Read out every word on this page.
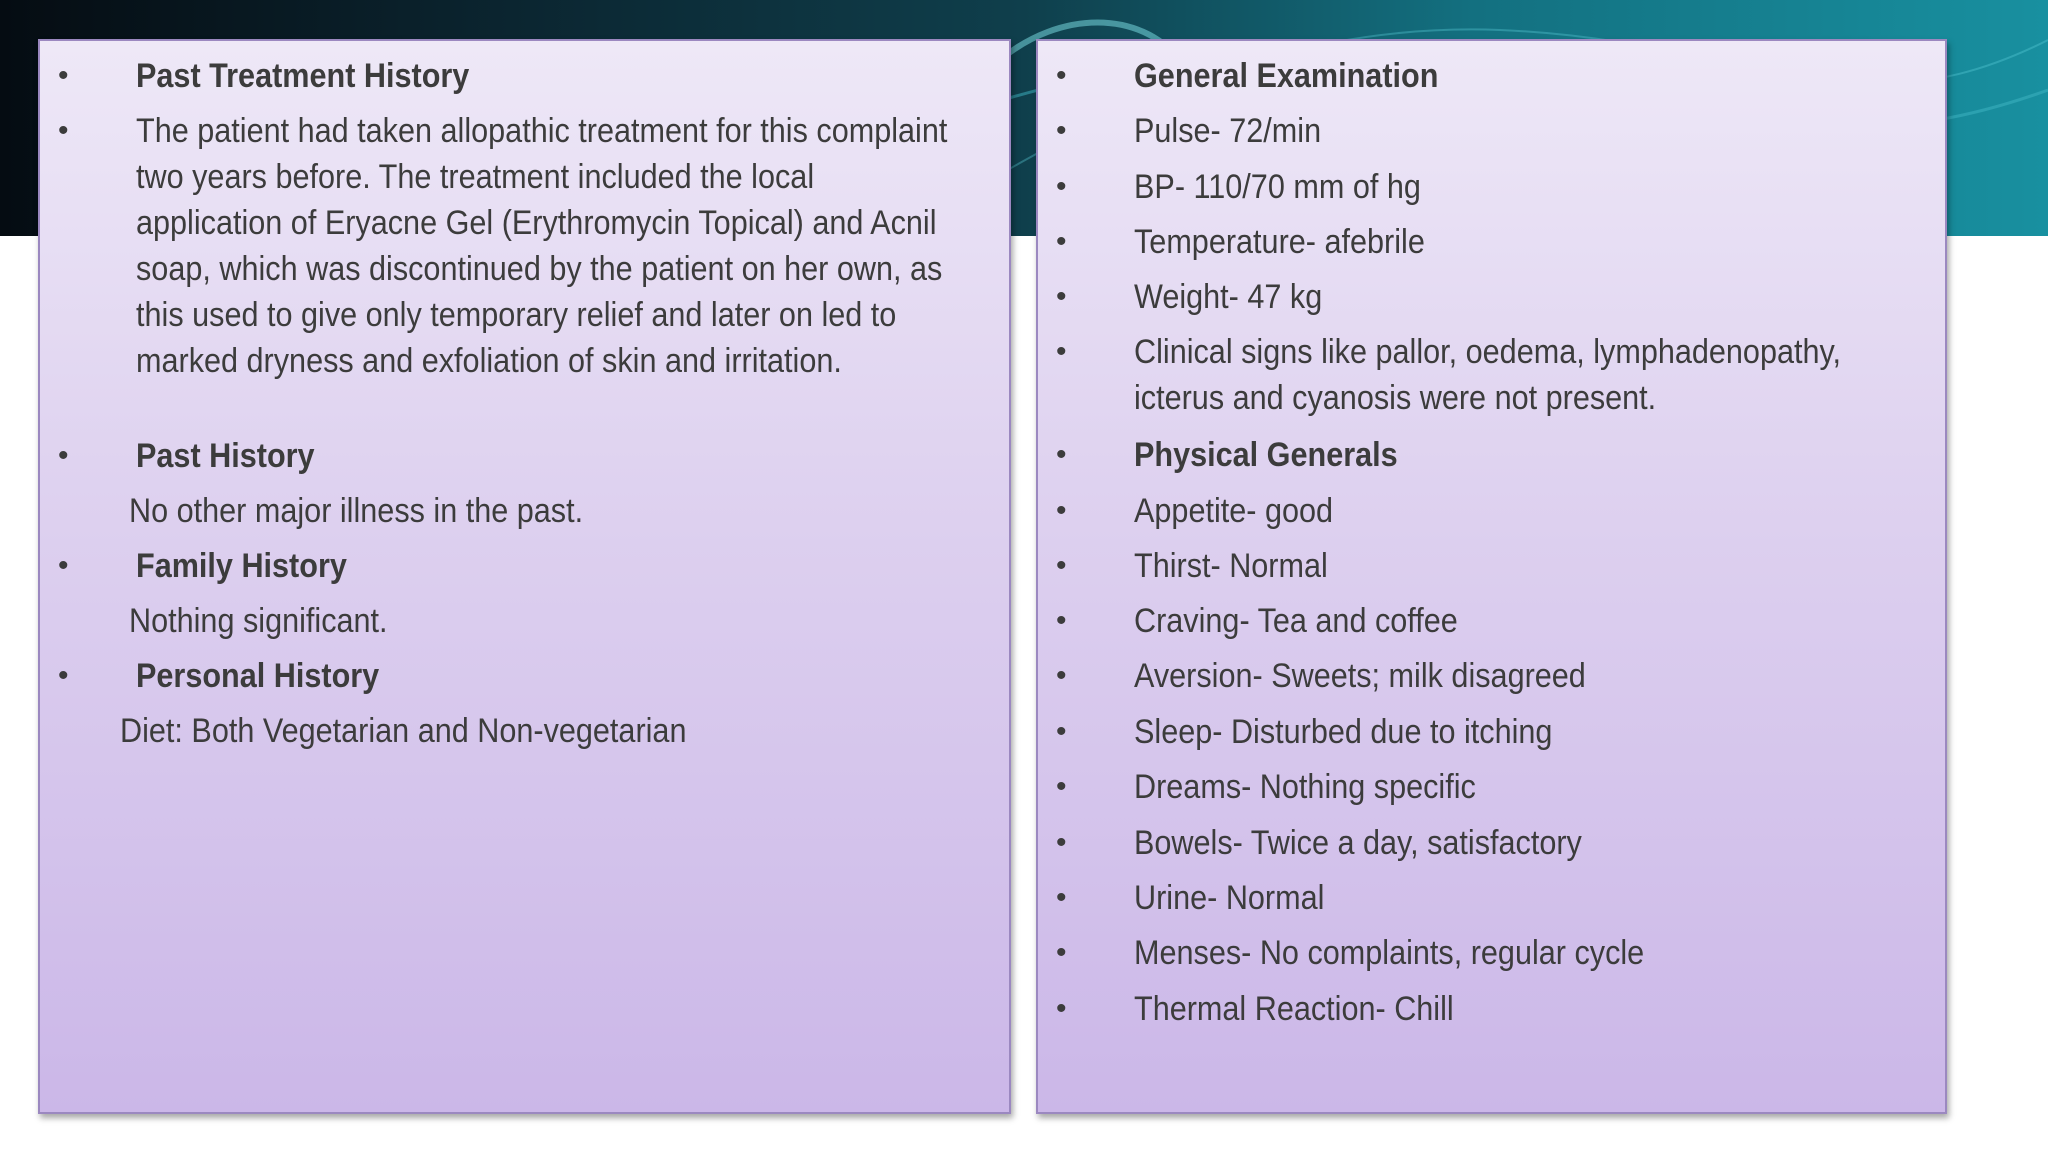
• Past Treatment History
• The patient had taken allopathic treatment for this complaint
two years before. The treatment included the local
application of Eryacne Gel (Erythromycin Topical) and Acnil
soap, which was discontinued by the patient on her own, as
this used to give only temporary relief and later on led to
marked dryness and exfoliation of skin and irritation.
• Past History
No other major illness in the past.
• Family History
Nothing significant.
• Personal History
Diet: Both Vegetarian and Non-vegetarian
• General Examination
• Pulse- 72/min
• BP- 110/70 mm of hg
• Temperature- afebrile
• Weight- 47 kg
• Clinical signs like pallor, oedema, lymphadenopathy,
icterus and cyanosis were not present.
• Physical Generals
• Appetite- good
• Thirst- Normal
• Craving- Tea and coffee
• Aversion- Sweets; milk disagreed
• Sleep- Disturbed due to itching
• Dreams- Nothing specific
• Bowels- Twice a day, satisfactory
• Urine- Normal
• Menses- No complaints, regular cycle
• Thermal Reaction- Chill
